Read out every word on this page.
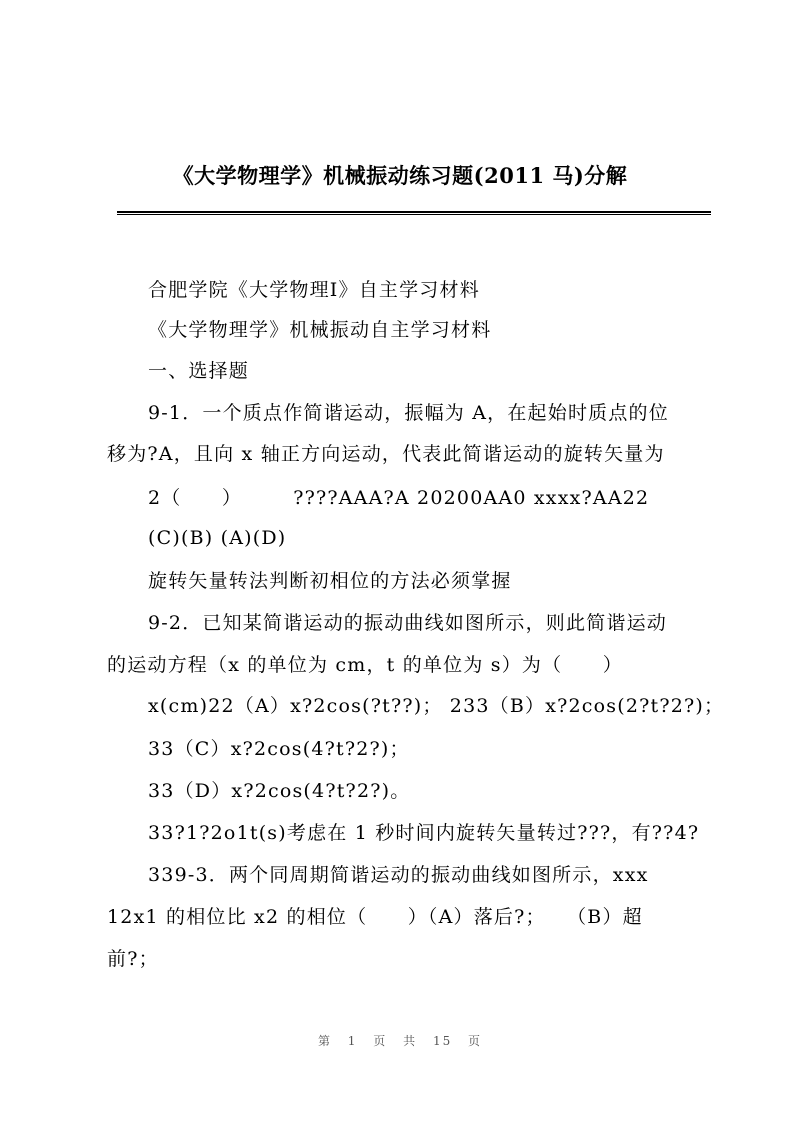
《大学物理学》机械振动练习题(2011 马)分解
合肥学院《大学物理Ⅰ》自主学习材料
《大学物理学》机械振动自主学习材料
一、选择题
9-1．一个质点作简谐运动，振幅为 A，在起始时质点的位
移为?A，且向 x 轴正方向运动，代表此简谐运动的旋转矢量为
2（　　）　　　????AAA?A 20200AA0 xxxx?AA22
(C)(B) (A)(D)
旋转矢量转法判断初相位的方法必须掌握
9-2．已知某简谐运动的振动曲线如图所示，则此简谐运动
的运动方程（x 的单位为 cm，t 的单位为 s）为（　　）
x(cm)22（A）x?2cos(?t??)； 233（B）x?2cos(2?t?2?)；
33（C）x?2cos(4?t?2?)；
33（D）x?2cos(4?t?2?)。
33?1?2o1t(s)考虑在 1 秒时间内旋转矢量转过???，有??4?
339-3．两个同周期简谐运动的振动曲线如图所示，xxx
12x1 的相位比 x2 的相位（　　）（A）落后?；　　（B）超
前?；
第 1 页 共 15 页
